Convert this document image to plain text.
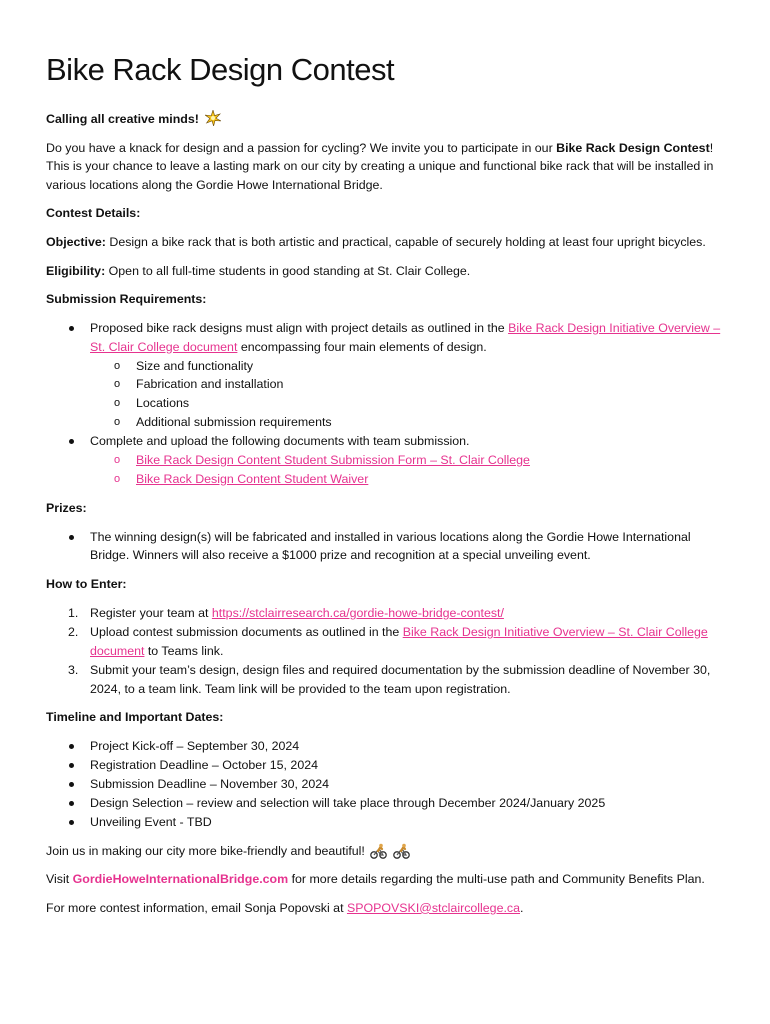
Bike Rack Design Contest

Calling all creative minds!

Do you have a knack for design and a passion for cycling? We invite you to participate in our Bike Rack Design Contest! This is your chance to leave a lasting mark on our city by creating a unique and functional bike rack that will be installed in various locations along the Gordie Howe International Bridge.

Contest Details:

Objective: Design a bike rack that is both artistic and practical, capable of securely holding at least four upright bicycles.

Eligibility: Open to all full-time students in good standing at St. Clair College.

Submission Requirements:

Proposed bike rack designs must align with project details as outlined in the Bike Rack Design Initiative Overview – St. Clair College document encompassing four main elements of design.
o Size and functionality
o Fabrication and installation
o Locations
o Additional submission requirements
Complete and upload the following documents with team submission.
o Bike Rack Design Content Student Submission Form – St. Clair College
o Bike Rack Design Content Student Waiver

Prizes:

The winning design(s) will be fabricated and installed in various locations along the Gordie Howe International Bridge. Winners will also receive a $1000 prize and recognition at a special unveiling event.

How to Enter:

1. Register your team at https://stclairresearch.ca/gordie-howe-bridge-contest/
2. Upload contest submission documents as outlined in the Bike Rack Design Initiative Overview – St. Clair College document to Teams link.
3. Submit your team’s design, design files and required documentation by the submission deadline of November 30, 2024, to a team link. Team link will be provided to the team upon registration.

Timeline and Important Dates:

Project Kick-off – September 30, 2024
Registration Deadline – October 15, 2024
Submission Deadline – November 30, 2024
Design Selection – review and selection will take place through December 2024/January 2025
Unveiling Event - TBD

Join us in making our city more bike-friendly and beautiful!

Visit GordieHoweInternationalBridge.com for more details regarding the multi-use path and Community Benefits Plan.

For more contest information, email Sonja Popovski at SPOPOVSKI@stclaircollege.ca.
